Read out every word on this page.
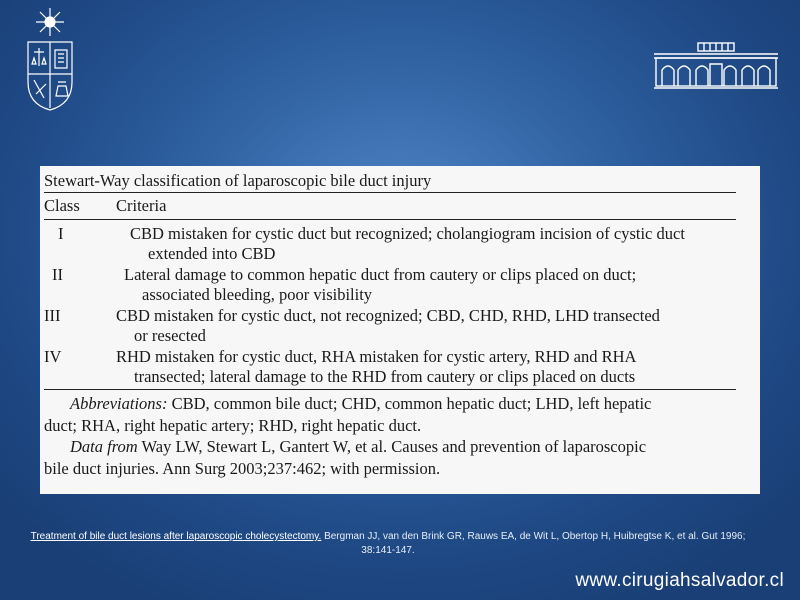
Stewart-Way classification of laparoscopic bile duct injury
Class	Criteria
I	CBD mistaken for cystic duct but recognized; cholangiogram incision of cystic duct
extended into CBD
II	Lateral damage to common hepatic duct from cautery or clips placed on duct;
associated bleeding, poor visibility
III	CBD mistaken for cystic duct, not recognized; CBD, CHD, RHD, LHD transected
or resected
IV	RHD mistaken for cystic duct, RHA mistaken for cystic artery, RHD and RHA
transected; lateral damage to the RHD from cautery or clips placed on ducts
Abbreviations: CBD, common bile duct; CHD, common hepatic duct; LHD, left hepatic
duct; RHA, right hepatic artery; RHD, right hepatic duct.
Data from Way LW, Stewart L, Gantert W, et al. Causes and prevention of laparoscopic
bile duct injuries. Ann Surg 2003;237:462; with permission.
Treatment of bile duct lesions after laparoscopic cholecystectomy. Bergman JJ, van den Brink GR, Rauws EA, de Wit L, Obertop H, Huibregtse K, et al. Gut 1996; 38:141-147.
www.cirugiahsalvador.cl
